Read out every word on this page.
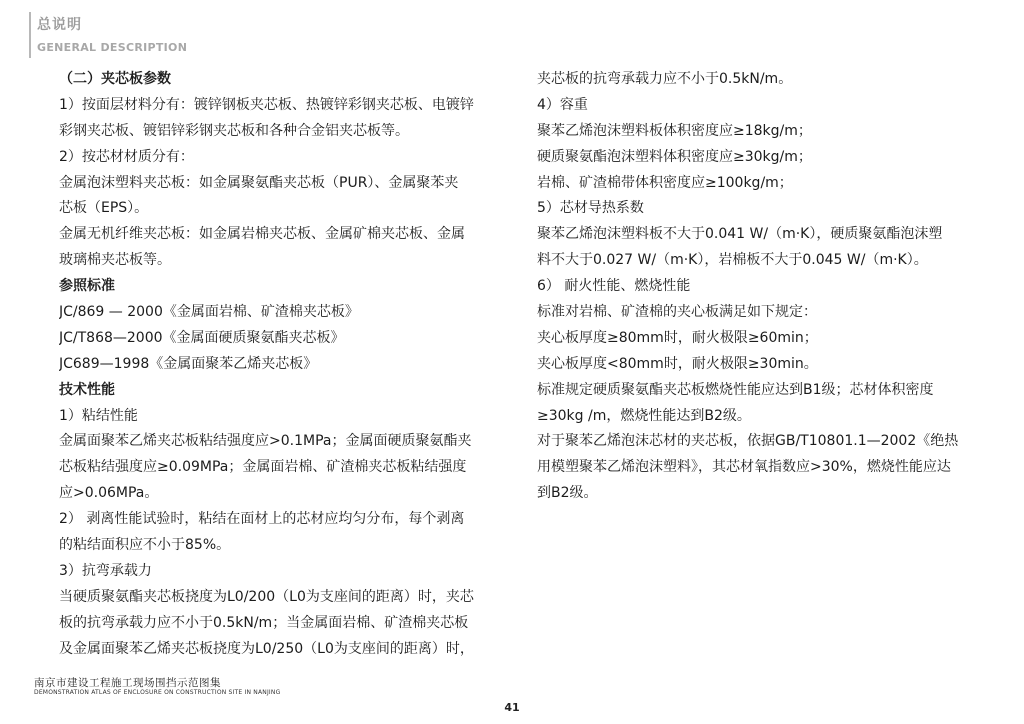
总说明
GENERAL DESCRIPTION
（二）夹芯板参数
1）按面层材料分有：镀锌钢板夹芯板、热镀锌彩钢夹芯板、电镀锌
彩钢夹芯板、镀铝锌彩钢夹芯板和各种合金铝夹芯板等。
2）按芯材材质分有：
金属泡沫塑料夹芯板：如金属聚氨酯夹芯板（PUR）、金属聚苯夹
芯板（EPS）。
金属无机纤维夹芯板：如金属岩棉夹芯板、金属矿棉夹芯板、金属
玻璃棉夹芯板等。
参照标准
JC/869 — 2000《金属面岩棉、矿渣棉夹芯板》
JC/T868—2000《金属面硬质聚氨酯夹芯板》
JC689—1998《金属面聚苯乙烯夹芯板》
技术性能
1）粘结性能
金属面聚苯乙烯夹芯板粘结强度应>0.1MPa；金属面硬质聚氨酯夹
芯板粘结强度应≥0.09MPa；金属面岩棉、矿渣棉夹芯板粘结强度
应>0.06MPa。
2） 剥离性能试验时，粘结在面材上的芯材应均匀分布，每个剥离
的粘结面积应不小于85%。
3）抗弯承载力
当硬质聚氨酯夹芯板挠度为L0/200（L0为支座间的距离）时，夹芯
板的抗弯承载力应不小于0.5kN/m；当金属面岩棉、矿渣棉夹芯板
及金属面聚苯乙烯夹芯板挠度为L0/250（L0为支座间的距离）时，
夹芯板的抗弯承载力应不小于0.5kN/m。
4）容重
聚苯乙烯泡沫塑料板体积密度应≥18kg/m；
硬质聚氨酯泡沫塑料体积密度应≥30kg/m；
岩棉、矿渣棉带体积密度应≥100kg/m；
5）芯材导热系数
聚苯乙烯泡沫塑料板不大于0.041 W/（m·K），硬质聚氨酯泡沫塑
料不大于0.027 W/（m·K），岩棉板不大于0.045 W/（m·K）。
6） 耐火性能、燃烧性能
标准对岩棉、矿渣棉的夹心板满足如下规定：
夹心板厚度≥80mm时，耐火极限≥60min；
夹心板厚度<80mm时，耐火极限≥30min。
标准规定硬质聚氨酯夹芯板燃烧性能应达到B1级；芯材体积密度
≥30kg /m，燃烧性能达到B2级。
对于聚苯乙烯泡沫芯材的夹芯板，依据GB/T10801.1—2002《绝热
用模塑聚苯乙烯泡沫塑料》，其芯材氧指数应>30%，燃烧性能应达
到B2级。
南京市建设工程施工现场围挡示范图集
DEMONSTRATION ATLAS OF ENCLOSURE ON CONSTRUCTION SITE IN NANJING
41
